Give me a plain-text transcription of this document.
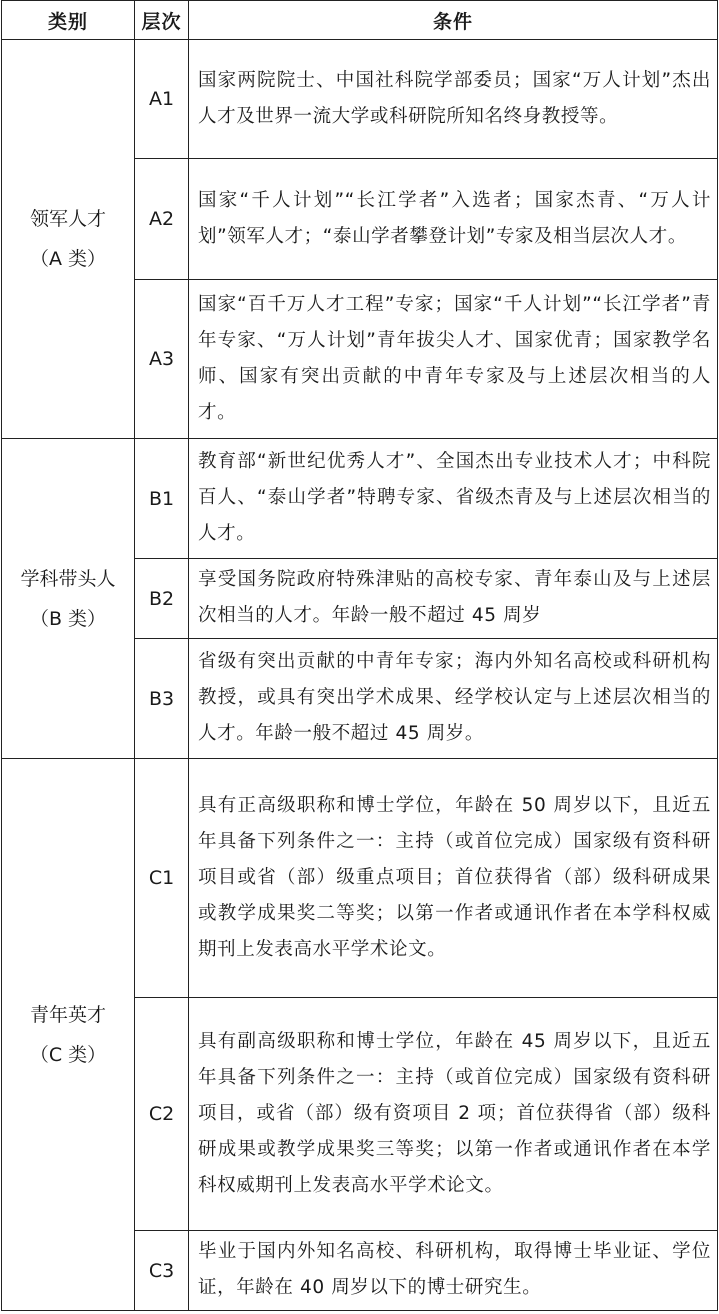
类别	层次	条件

领军人才
（A 类）	A1	国家两院院士、中国社科院学部委员；国家“万人计划”杰出人才及世界一流大学或科研院所知名终身教授等。
	A2	国家“千人计划”“长江学者”入选者；国家杰青、“万人计划”领军人才；“泰山学者攀登计划”专家及相当层次人才。
	A3	国家“百千万人才工程”专家；国家“千人计划”“长江学者”青年专家、“万人计划”青年拔尖人才、国家优青；国家教学名师、国家有突出贡献的中青年专家及与上述层次相当的人才。

学科带头人
（B 类）	B1	教育部“新世纪优秀人才”、全国杰出专业技术人才；中科院百人、“泰山学者”特聘专家、省级杰青及与上述层次相当的人才。
	B2	享受国务院政府特殊津贴的高校专家、青年泰山及与上述层次相当的人才。年龄一般不超过 45 周岁
	B3	省级有突出贡献的中青年专家；海内外知名高校或科研机构教授，或具有突出学术成果、经学校认定与上述层次相当的人才。年龄一般不超过 45 周岁。

青年英才
（C 类）	C1	具有正高级职称和博士学位，年龄在 50 周岁以下，且近五年具备下列条件之一：主持（或首位完成）国家级有资科研项目或省（部）级重点项目；首位获得省（部）级科研成果或教学成果奖二等奖；以第一作者或通讯作者在本学科权威期刊上发表高水平学术论文。
	C2	具有副高级职称和博士学位，年龄在 45 周岁以下，且近五年具备下列条件之一：主持（或首位完成）国家级有资科研项目，或省（部）级有资项目 2 项；首位获得省（部）级科研成果或教学成果奖三等奖；以第一作者或通讯作者在本学科权威期刊上发表高水平学术论文。
	C3	毕业于国内外知名高校、科研机构，取得博士毕业证、学位证，年龄在 40 周岁以下的博士研究生。
